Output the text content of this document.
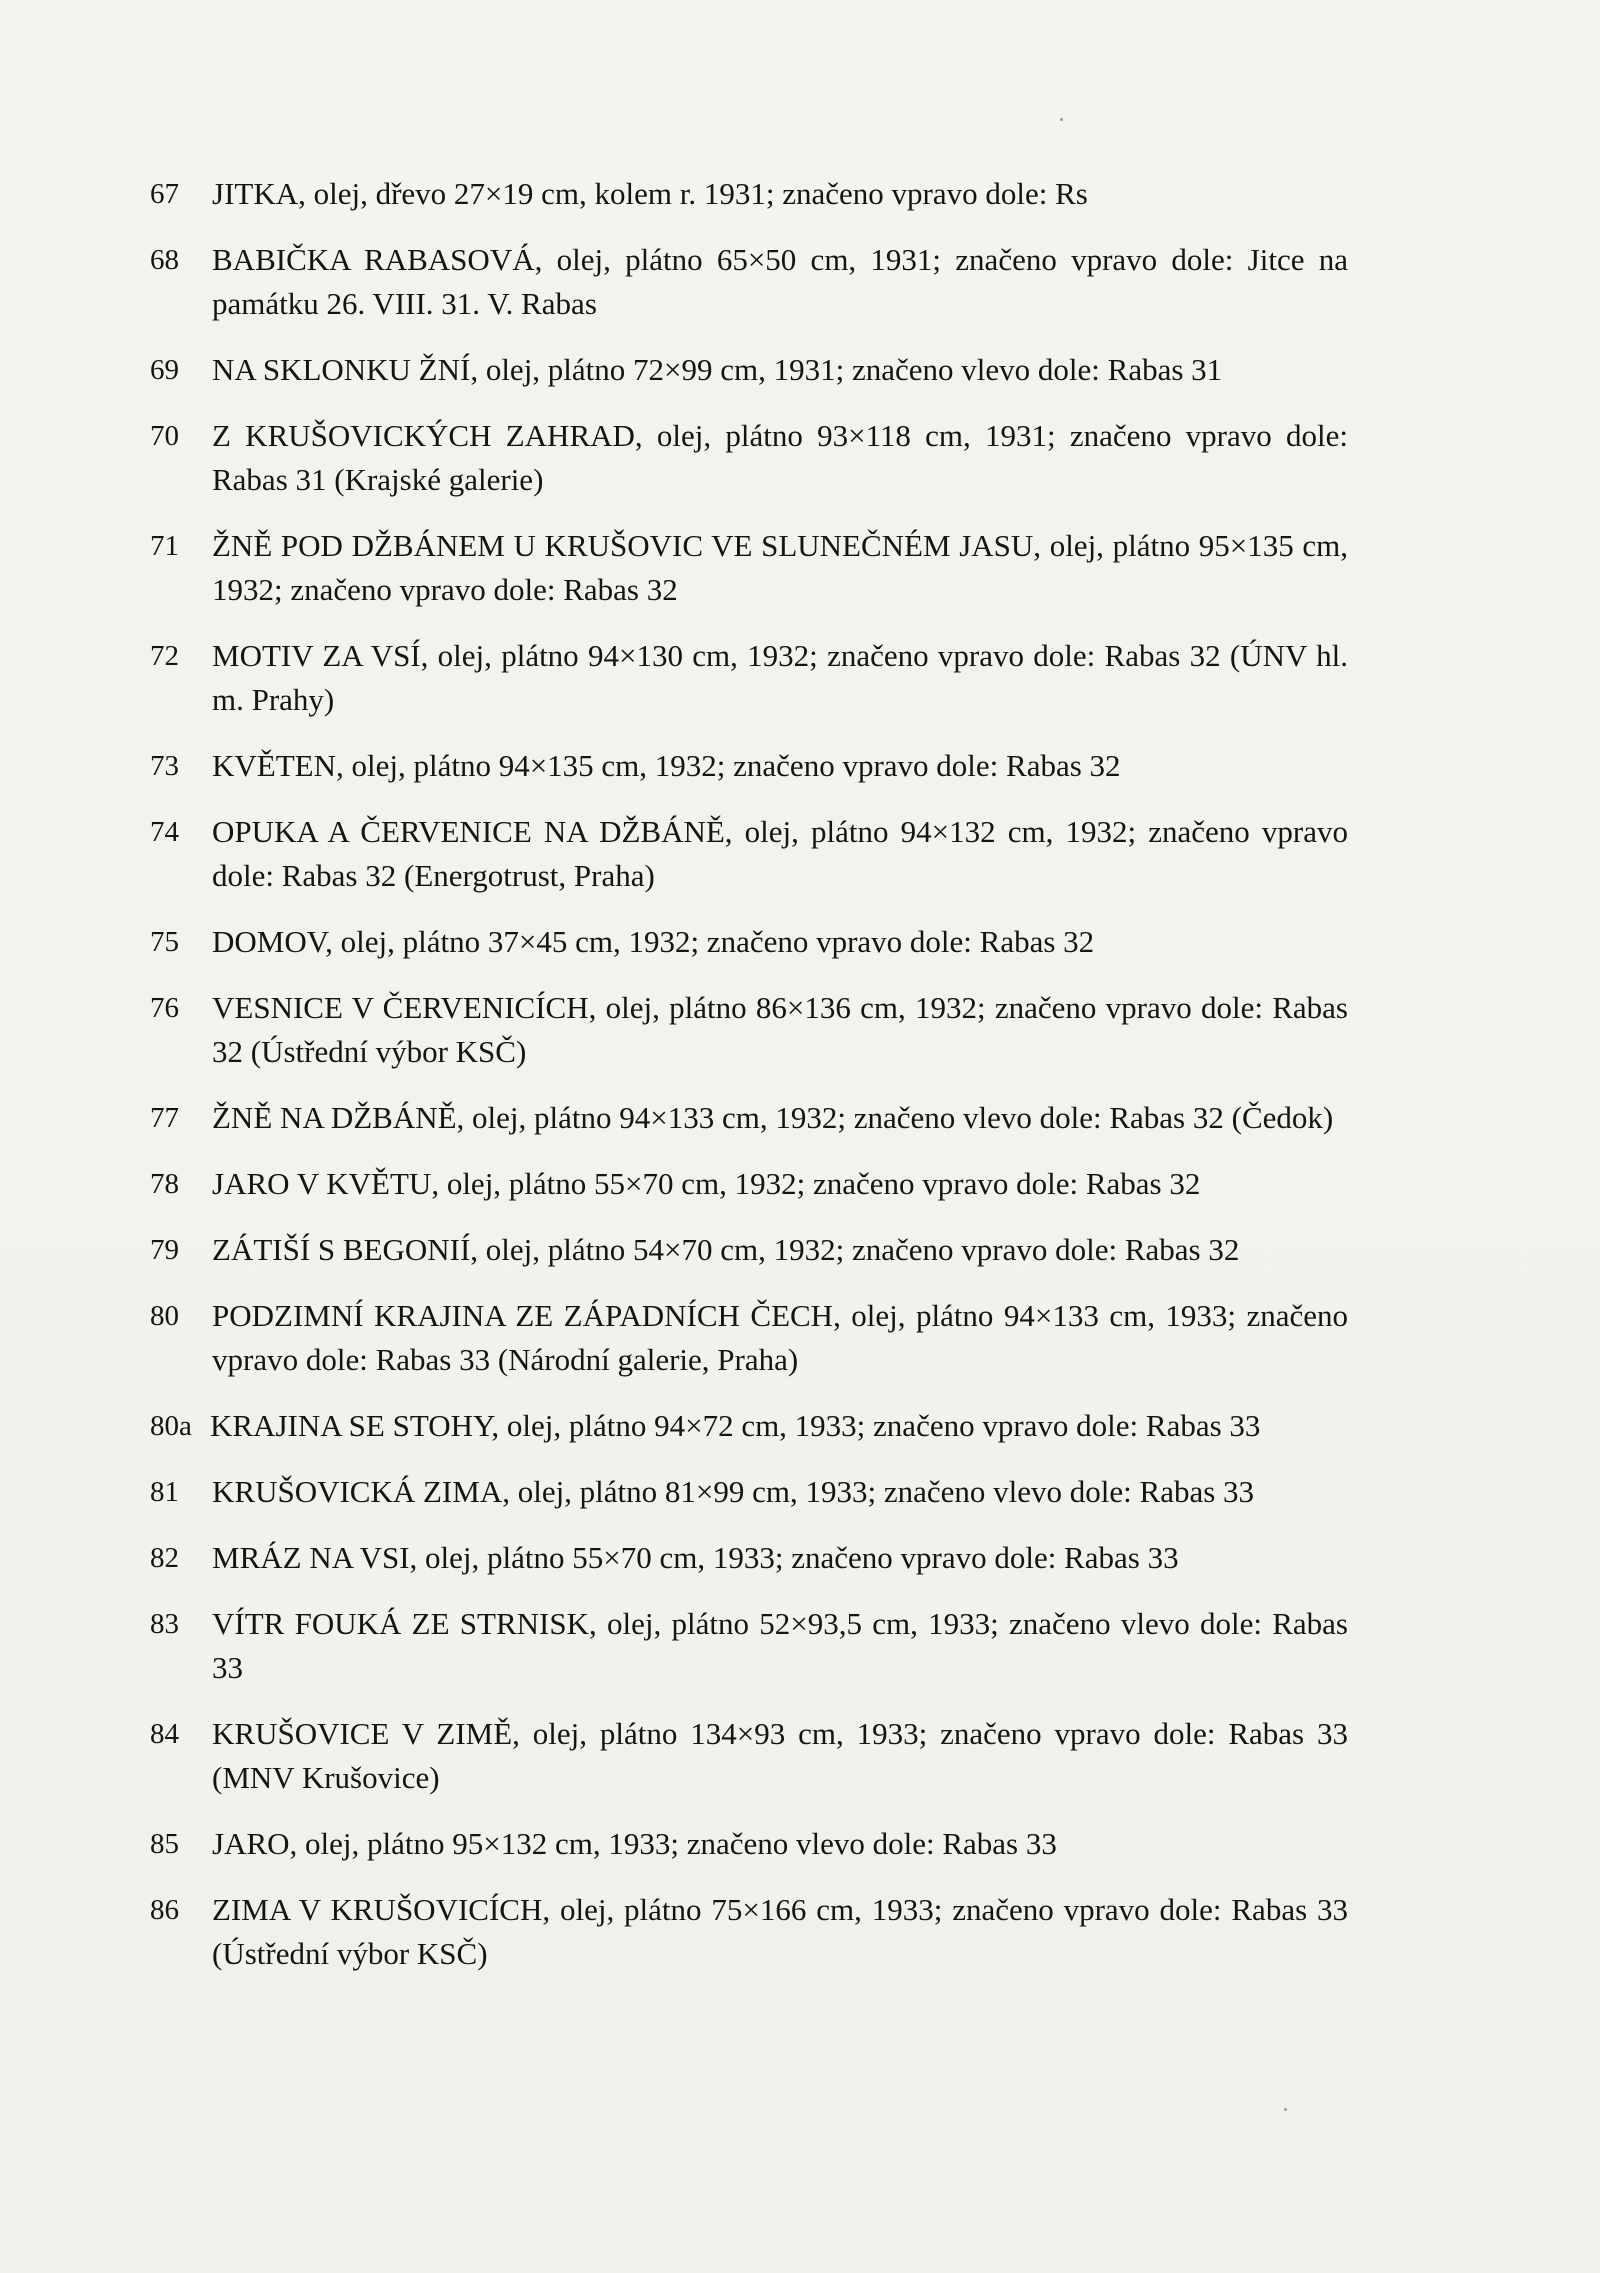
67	JITKA, olej, dřevo 27×19 cm, kolem r. 1931; značeno vpravo dole: Rs
68	BABIČKA RABASOVÁ, olej, plátno 65×50 cm, 1931; značeno vpravo dole: Jitce na památku 26. VIII. 31. V. Rabas
69	NA SKLONKU ŽNÍ, olej, plátno 72×99 cm, 1931; značeno vlevo dole: Rabas 31
70	Z KRUŠOVICKÝCH ZAHRAD, olej, plátno 93×118 cm, 1931; značeno vpravo dole: Rabas 31 (Krajské galerie)
71	ŽNĚ POD DŽBÁNEM U KRUŠOVIC VE SLUNEČNÉM JASU, olej, plátno 95×135 cm, 1932; značeno vpravo dole: Rabas 32
72	MOTIV ZA VSÍ, olej, plátno 94×130 cm, 1932; značeno vpravo dole: Rabas 32 (ÚNV hl. m. Prahy)
73	KVĚTEN, olej, plátno 94×135 cm, 1932; značeno vpravo dole: Rabas 32
74	OPUKA A ČERVENICE NA DŽBÁNĚ, olej, plátno 94×132 cm, 1932; značeno vpravo dole: Rabas 32 (Energotrust, Praha)
75	DOMOV, olej, plátno 37×45 cm, 1932; značeno vpravo dole: Rabas 32
76	VESNICE V ČERVENICÍCH, olej, plátno 86×136 cm, 1932; značeno vpravo dole: Rabas 32 (Ústřední výbor KSČ)
77	ŽNĚ NA DŽBÁNĚ, olej, plátno 94×133 cm, 1932; značeno vlevo dole: Rabas 32 (Čedok)
78	JARO V KVĚTU, olej, plátno 55×70 cm, 1932; značeno vpravo dole: Rabas 32
79	ZÁTIŠÍ S BEGONIÍ, olej, plátno 54×70 cm, 1932; značeno vpravo dole: Rabas 32
80	PODZIMNÍ KRAJINA ZE ZÁPADNÍCH ČECH, olej, plátno 94×133 cm, 1933; značeno vpravo dole: Rabas 33 (Národní galerie, Praha)
80a KRAJINA SE STOHY, olej, plátno 94×72 cm, 1933; značeno vpravo dole: Rabas 33
81	KRUŠOVICKÁ ZIMA, olej, plátno 81×99 cm, 1933; značeno vlevo dole: Rabas 33
82	MRÁZ NA VSI, olej, plátno 55×70 cm, 1933; značeno vpravo dole: Rabas 33
83	VÍTR FOUKÁ ZE STRNISK, olej, plátno 52×93,5 cm, 1933; značeno vlevo dole: Rabas 33
84	KRUŠOVICE V ZIMĚ, olej, plátno 134×93 cm, 1933; značeno vpravo dole: Rabas 33 (MNV Krušovice)
85	JARO, olej, plátno 95×132 cm, 1933; značeno vlevo dole: Rabas 33
86	ZIMA V KRUŠOVICÍCH, olej, plátno 75×166 cm, 1933; značeno vpravo dole: Rabas 33 (Ústřední výbor KSČ)
